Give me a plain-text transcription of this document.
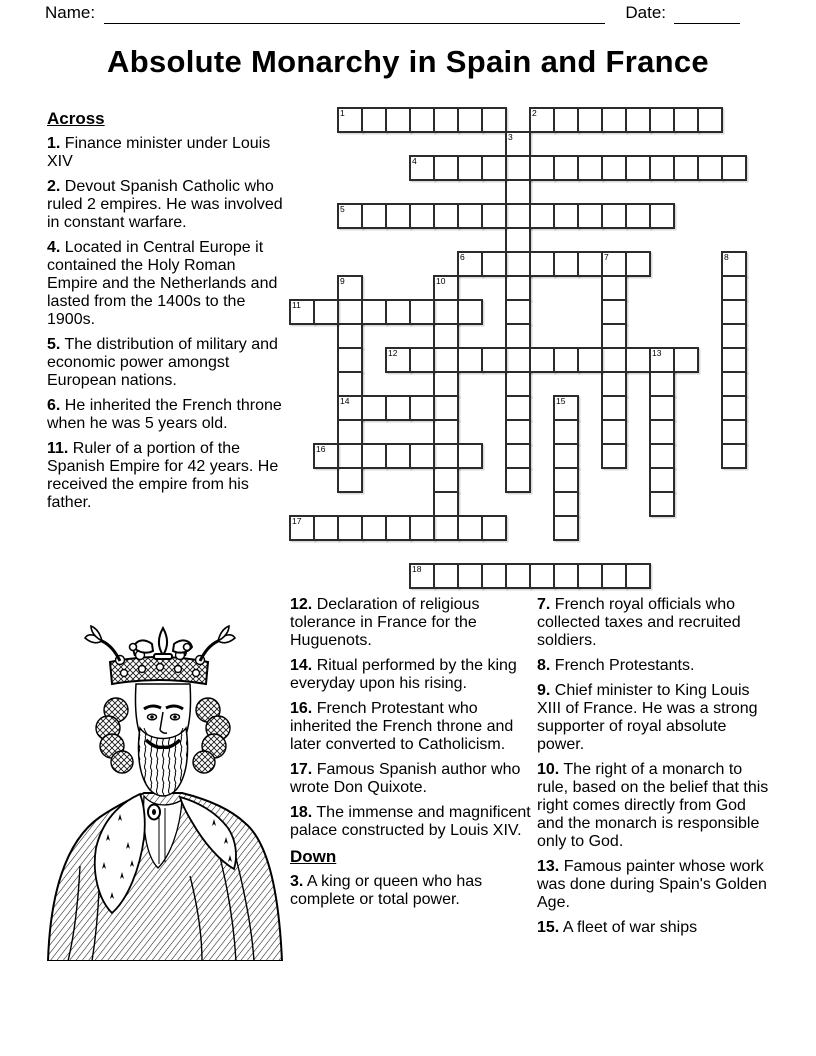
Name:	Date:
Absolute Monarchy in Spain and France
1	2
3
4
5
6	7	8
9
14
10
11
12	13
15
16
17
18
Across
1. Finance minister under Louis XIV
2. Devout Spanish Catholic who ruled 2 empires. He was involved in constant warfare.
4. Located in Central Europe it contained the Holy Roman Empire and the Netherlands and lasted from the 1400s to the 1900s.
5. The distribution of military and economic power amongst European nations.
6. He inherited the French throne when he was 5 years old.
11. Ruler of a portion of the Spanish Empire for 42 years. He received the empire from his father.
12. Declaration of religious tolerance in France for the Huguenots.
14. Ritual performed by the king everyday upon his rising.
16. French Protestant who inherited the French throne and later converted to Catholicism.
17. Famous Spanish author who wrote Don Quixote.
18. The immense and magnificent palace constructed by Louis XIV.
Down
3. A king or queen who has complete or total power.
7. French royal officials who collected taxes and recruited soldiers.
8. French Protestants.
9. Chief minister to King Louis XIII of France. He was a strong supporter of royal absolute power.
10. The right of a monarch to rule, based on the belief that this right comes directly from God and the monarch is responsible only to God.
13. Famous painter whose work was done during Spain's Golden Age.
15. A fleet of war ships
